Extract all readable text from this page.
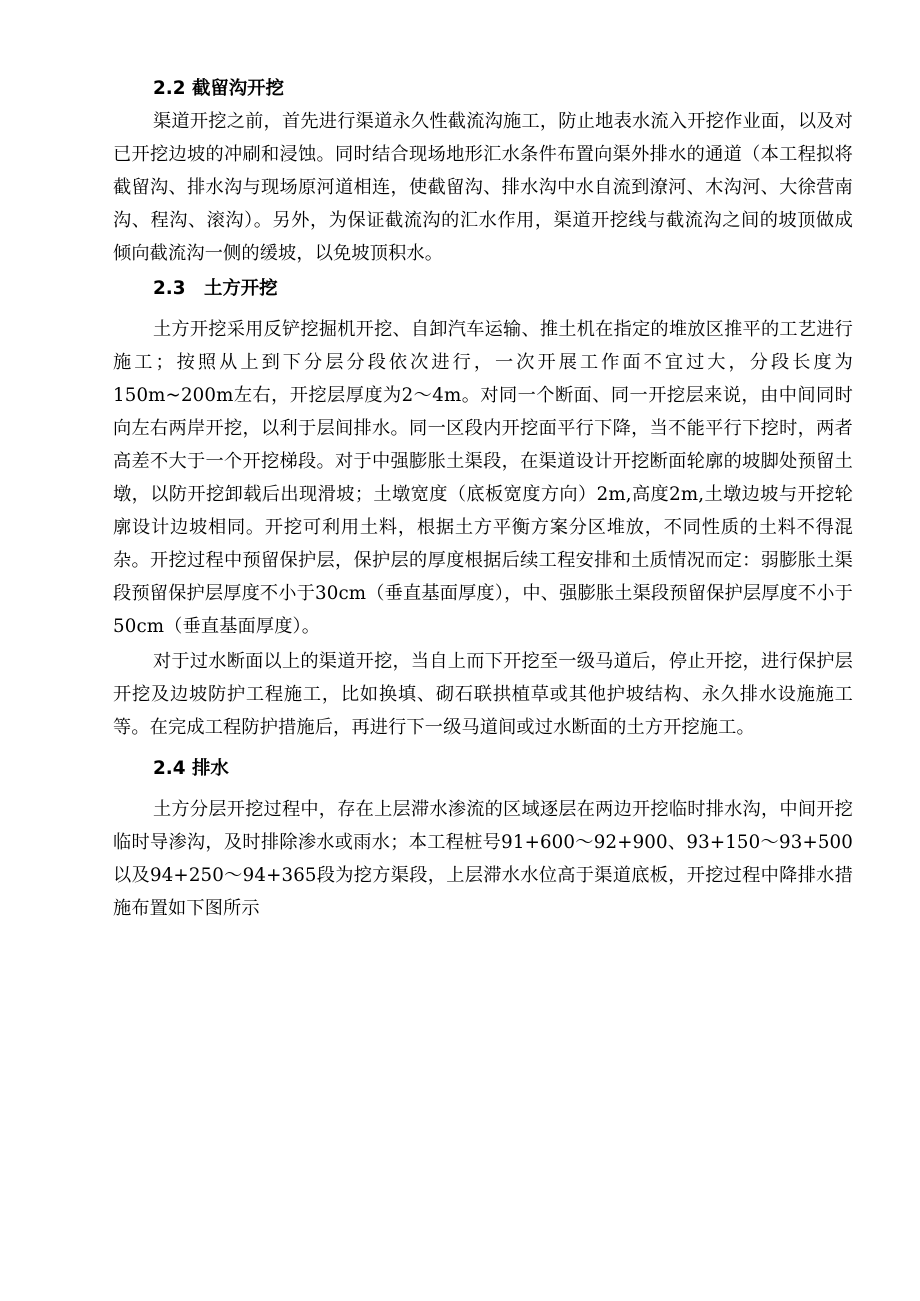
2.2 截留沟开挖

渠道开挖之前，首先进行渠道永久性截流沟施工，防止地表水流入开挖作业面，以及对已开挖边坡的冲刷和浸蚀。同时结合现场地形汇水条件布置向渠外排水的通道（本工程拟将截留沟、排水沟与现场原河道相连，使截留沟、排水沟中水自流到潦河、木沟河、大徐营南沟、程沟、滚沟）。另外，为保证截流沟的汇水作用，渠道开挖线与截流沟之间的坡顶做成倾向截流沟一侧的缓坡，以免坡顶积水。

2.3　土方开挖

土方开挖采用反铲挖掘机开挖、自卸汽车运输、推土机在指定的堆放区推平的工艺进行施工；按照从上到下分层分段依次进行，一次开展工作面不宜过大，分段长度为150m~200m左右，开挖层厚度为2～4m。对同一个断面、同一开挖层来说，由中间同时向左右两岸开挖，以利于层间排水。同一区段内开挖面平行下降，当不能平行下挖时，两者高差不大于一个开挖梯段。对于中强膨胀土渠段，在渠道设计开挖断面轮廓的坡脚处预留土墩，以防开挖卸载后出现滑坡；土墩宽度（底板宽度方向）2m,高度2m,土墩边坡与开挖轮廓设计边坡相同。开挖可利用土料，根据土方平衡方案分区堆放，不同性质的土料不得混杂。开挖过程中预留保护层，保护层的厚度根据后续工程安排和土质情况而定：弱膨胀土渠段预留保护层厚度不小于30cm（垂直基面厚度），中、强膨胀土渠段预留保护层厚度不小于50cm（垂直基面厚度）。

对于过水断面以上的渠道开挖，当自上而下开挖至一级马道后，停止开挖，进行保护层开挖及边坡防护工程施工，比如换填、砌石联拱植草或其他护坡结构、永久排水设施施工等。在完成工程防护措施后，再进行下一级马道间或过水断面的土方开挖施工。

2.4 排水

土方分层开挖过程中，存在上层滞水渗流的区域逐层在两边开挖临时排水沟，中间开挖临时导渗沟，及时排除渗水或雨水；本工程桩号91+600～92+900、93+150～93+500以及94+250～94+365段为挖方渠段，上层滞水水位高于渠道底板，开挖过程中降排水措施布置如下图所示
